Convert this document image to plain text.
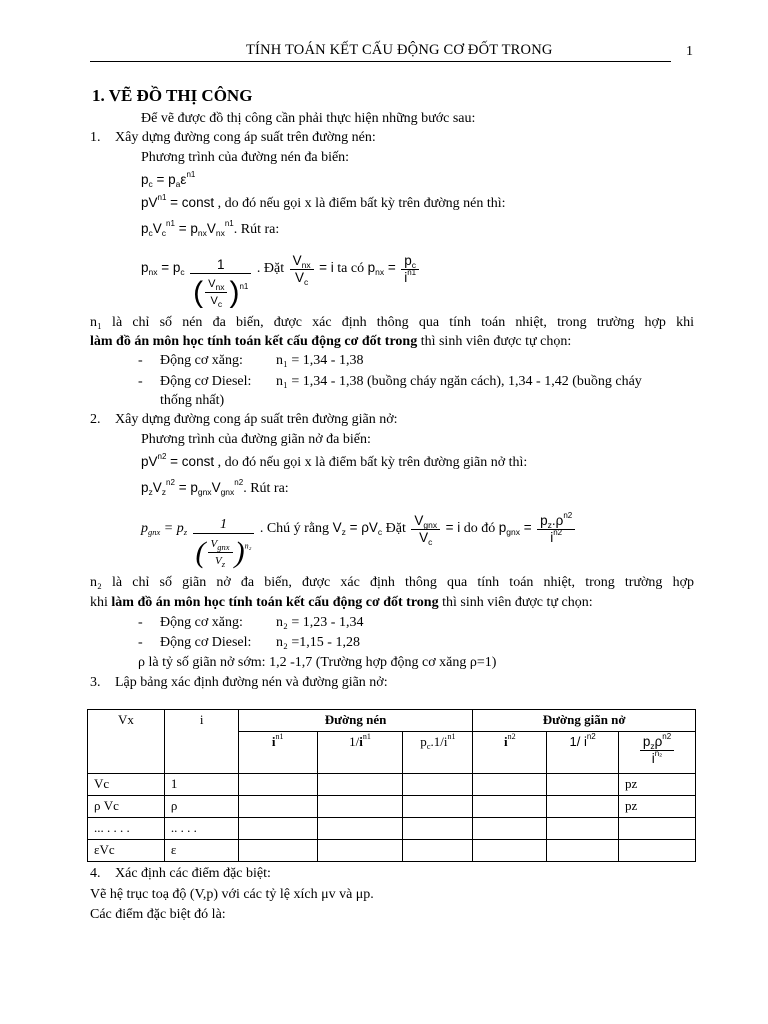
TÍNH TOÁN KẾT CẤU ĐỘNG CƠ ĐỐT TRONG	1
1. VẼ ĐỒ THỊ CÔNG
Để vẽ được đồ thị công cần phải thực hiện những bước sau:
1. Xây dựng đường cong áp suất trên đường nén:
Phương trình của đường nén đa biến:
$p_c = p_a\varepsilon^{n1}$
$pV^{n1}$ = const , do đó nếu gọi x là điểm bất kỳ trên đường nén thì:
$p_cV_c^{n1} = p_{nx}V_{nx}^{n1}$. Rút ra:
$p_{nx} = p_c \frac{1}{( \frac{V_{nx}}{V_c} )^{n1}}$ . Đặt $\frac{V_{nx}}{V_c} = i$ ta có $p_{nx} = \frac{p_c}{i^{n1}}$
n₁ là chỉ số nén đa biến, được xác định thông qua tính toán nhiệt, trong trường hợp khi
làm đồ án môn học tính toán kết cấu động cơ đốt trong thì sinh viên được tự chọn:
- Động cơ xăng: n₁ = 1,34 - 1,38
- Động cơ Diesel: n₁ = 1,34 - 1,38 (buồng cháy ngăn cách), 1,34 - 1,42 (buồng cháy
thống nhất)
2. Xây dựng đường cong áp suất trên đường giãn nở:
Phương trình của đường giãn nở đa biến:
$pV^{n2}$ = const , do đó nếu gọi x là điểm bất kỳ trên đường giãn nở thì:
$p_zV_z^{n2} = p_{gnx}V_{gnx}^{n2}$. Rút ra:
$p_{gnx} = p_z \frac{1}{( \frac{V_{gnx}}{V_z} )^{n_2}}$ . Chú ý rằng $V_z = \rho V_c$ Đặt $\frac{V_{gnx}}{V_c} = i$ do đó $p_{gnx} = \frac{p_z.\rho^{n2}}{i^{n2}}$
n₂ là chỉ số giãn nở đa biến, được xác định thông qua tính toán nhiệt, trong trường hợp
khi làm đồ án môn học tính toán kết cấu động cơ đốt trong thì sinh viên được tự chọn:
- Động cơ xăng: n₂ = 1,23 - 1,34
- Động cơ Diesel: n₂ =1,15 - 1,28
ρ là tỷ số giãn nở sớm: 1,2 -1,7 (Trường hợp động cơ xăng ρ=1)
3. Lập bảng xác định đường nén và đường giãn nở:
Vx	i	Đường nén			Đường giãn nở		
		$i^{n1}$	$1/i^{n1}$	$p_c.1/i^{n1}$	$i^{n2}$	1/ $i^{n2}$	$\frac{p_z\rho^{n2}}{i^{n_2}}$

Vc	1						pz
ρ Vc	ρ						pz
... . . . .	.. . . .						
εVc	ε						
4. Xác định các điểm đặc biệt:
Vẽ hệ trục toạ độ (V,p) với các tỷ lệ xích μv và μp.
Các điểm đặc biệt đó là:
